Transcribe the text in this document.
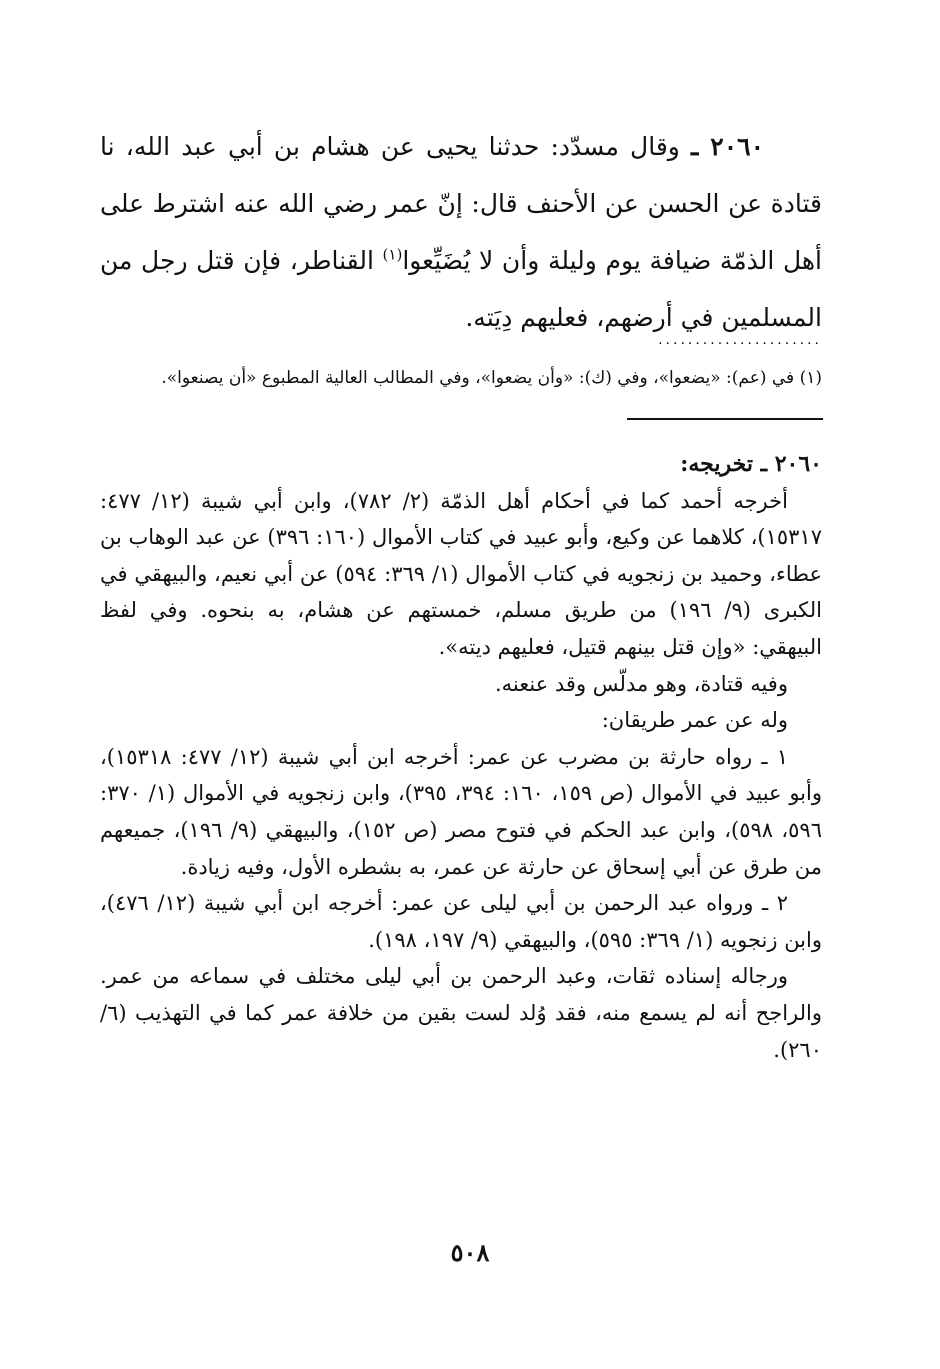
٢٠٦٠ ـ وقال مسدّد: حدثنا يحيى عن هشام بن أبي عبد الله، نا قتادة عن الحسن عن الأحنف قال: إنّ عمر رضي الله عنه اشترط على أهل الذمّة ضيافة يوم وليلة وأن لا يُضَيِّعوا$^{(١)}$ القناطر، فإن قتل رجل من المسلمين في أرضهم، فعليهم دِيَته.

......................

(١) في (عم): «يضعوا»، وفي (ك): «وأن يضعوا»، وفي المطالب العالية المطبوع «أن يصنعوا».

٢٠٦٠ ـ تخريجه:

أخرجه أحمد كما في أحكام أهل الذمّة (٢/ ٧٨٢)، وابن أبي شيبة (١٢/ ٤٧٧: ١٥٣١٧)، كلاهما عن وكيع، وأبو عبيد في كتاب الأموال (١٦٠: ٣٩٦) عن عبد الوهاب بن عطاء، وحميد بن زنجويه في كتاب الأموال (١/ ٣٦٩: ٥٩٤) عن أبي نعيم، والبيهقي في الكبرى (٩/ ١٩٦) من طريق مسلم، خمستهم عن هشام، به بنحوه. وفي لفظ البيهقي: «وإن قتل بينهم قتيل، فعليهم ديته».

وفيه قتادة، وهو مدلّس وقد عنعنه.

وله عن عمر طريقان:

١ ـ رواه حارثة بن مضرب عن عمر: أخرجه ابن أبي شيبة (١٢/ ٤٧٧: ١٥٣١٨)، وأبو عبيد في الأموال (ص ١٥٩، ١٦٠: ٣٩٤، ٣٩٥)، وابن زنجويه في الأموال (١/ ٣٧٠: ٥٩٦، ٥٩٨)، وابن عبد الحكم في فتوح مصر (ص ١٥٢)، والبيهقي (٩/ ١٩٦)، جميعهم من طرق عن أبي إسحاق عن حارثة عن عمر، به بشطره الأول، وفيه زيادة.

٢ ـ ورواه عبد الرحمن بن أبي ليلى عن عمر: أخرجه ابن أبي شيبة (١٢/ ٤٧٦)، وابن زنجويه (١/ ٣٦٩: ٥٩٥)، والبيهقي (٩/ ١٩٧، ١٩٨).

ورجاله إسناده ثقات، وعبد الرحمن بن أبي ليلى مختلف في سماعه من عمر. والراجح أنه لم يسمع منه، فقد وُلد لست بقين من خلافة عمر كما في التهذيب (٦/ ٢٦٠).

٥٠٨
